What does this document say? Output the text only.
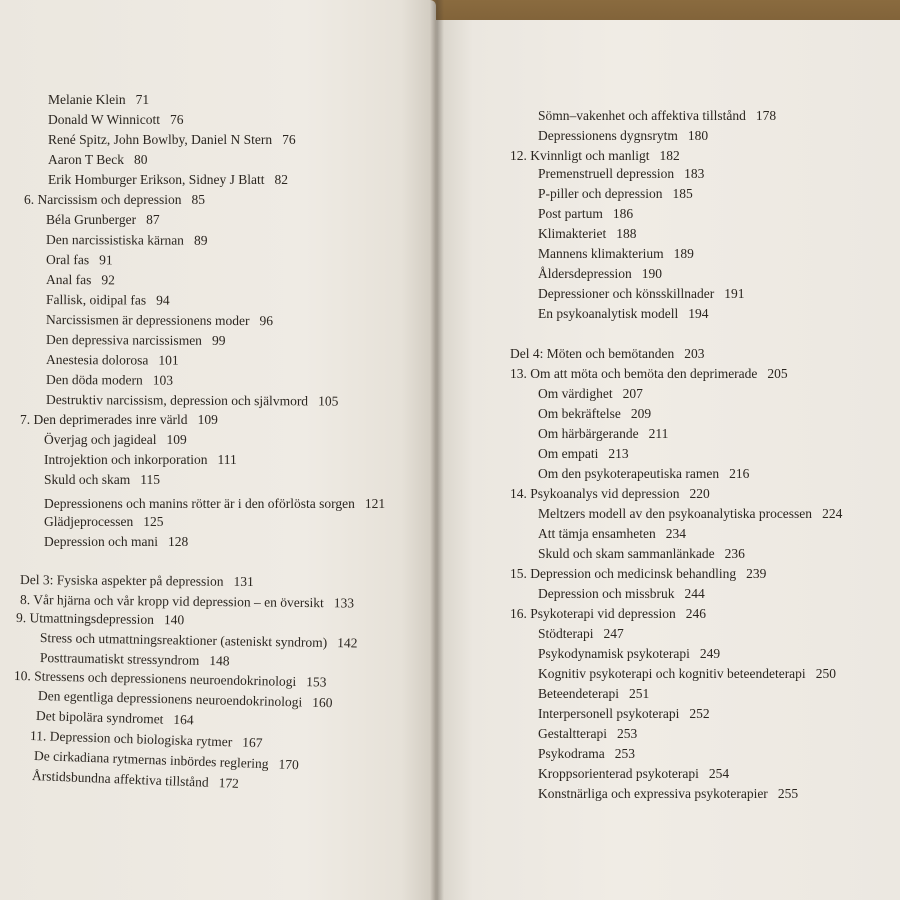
Melanie Klein 71
Donald W Winnicott 76
René Spitz, John Bowlby, Daniel N Stern 76
Aaron T Beck 80
Erik Homburger Erikson, Sidney J Blatt 82
6. Narcissism och depression 85
Béla Grunberger 87
Den narcissistiska kärnan 89
Oral fas 91
Anal fas 92
Fallisk, oidipal fas 94
Narcissismen är depressionens moder 96
Den depressiva narcissismen 99
Anestesia dolorosa 101
Den döda modern 103
Destruktiv narcissism, depression och självmord 105
7. Den deprimerades inre värld 109
Överjag och jagideal 109
Introjektion och inkorporation 111
Skuld och skam 115
Depressionens och manins rötter är i den oförlösta sorgen 121
Glädjeprocessen 125
Depression och mani 128
Del 3: Fysiska aspekter på depression 131
8. Vår hjärna och vår kropp vid depression – en översikt 133
9. Utmattningsdepression 140
Stress och utmattningsreaktioner (asteniskt syndrom) 142
Posttraumatiskt stressyndrom 148
10. Stressens och depressionens neuroendokrinologi 153
Den egentliga depressionens neuroendokrinologi 160
Det bipolära syndromet 164
11. Depression och biologiska rytmer 167
De cirkadiana rytmernas inbördes reglering 170
Årstidsbundna affektiva tillstånd 172
Sömn–vakenhet och affektiva tillstånd 178
Depressionens dygnsrytm 180
12. Kvinnligt och manligt 182
Premenstruell depression 183
P-piller och depression 185
Post partum 186
Klimakteriet 188
Mannens klimakterium 189
Åldersdepression 190
Depressioner och könsskillnader 191
En psykoanalytisk modell 194
Del 4: Möten och bemötanden 203
13. Om att möta och bemöta den deprimerade 205
Om värdighet 207
Om bekräftelse 209
Om härbärgerande 211
Om empati 213
Om den psykoterapeutiska ramen 216
14. Psykoanalys vid depression 220
Meltzers modell av den psykoanalytiska processen 224
Att tämja ensamheten 234
Skuld och skam sammanlänkade 236
15. Depression och medicinsk behandling 239
Depression och missbruk 244
16. Psykoterapi vid depression 246
Stödterapi 247
Psykodynamisk psykoterapi 249
Kognitiv psykoterapi och kognitiv beteendeterapi 250
Beteendeterapi 251
Interpersonell psykoterapi 252
Gestaltterapi 253
Psykodrama 253
Kroppsorienterad psykoterapi 254
Konstnärliga och expressiva psykoterapier 255
